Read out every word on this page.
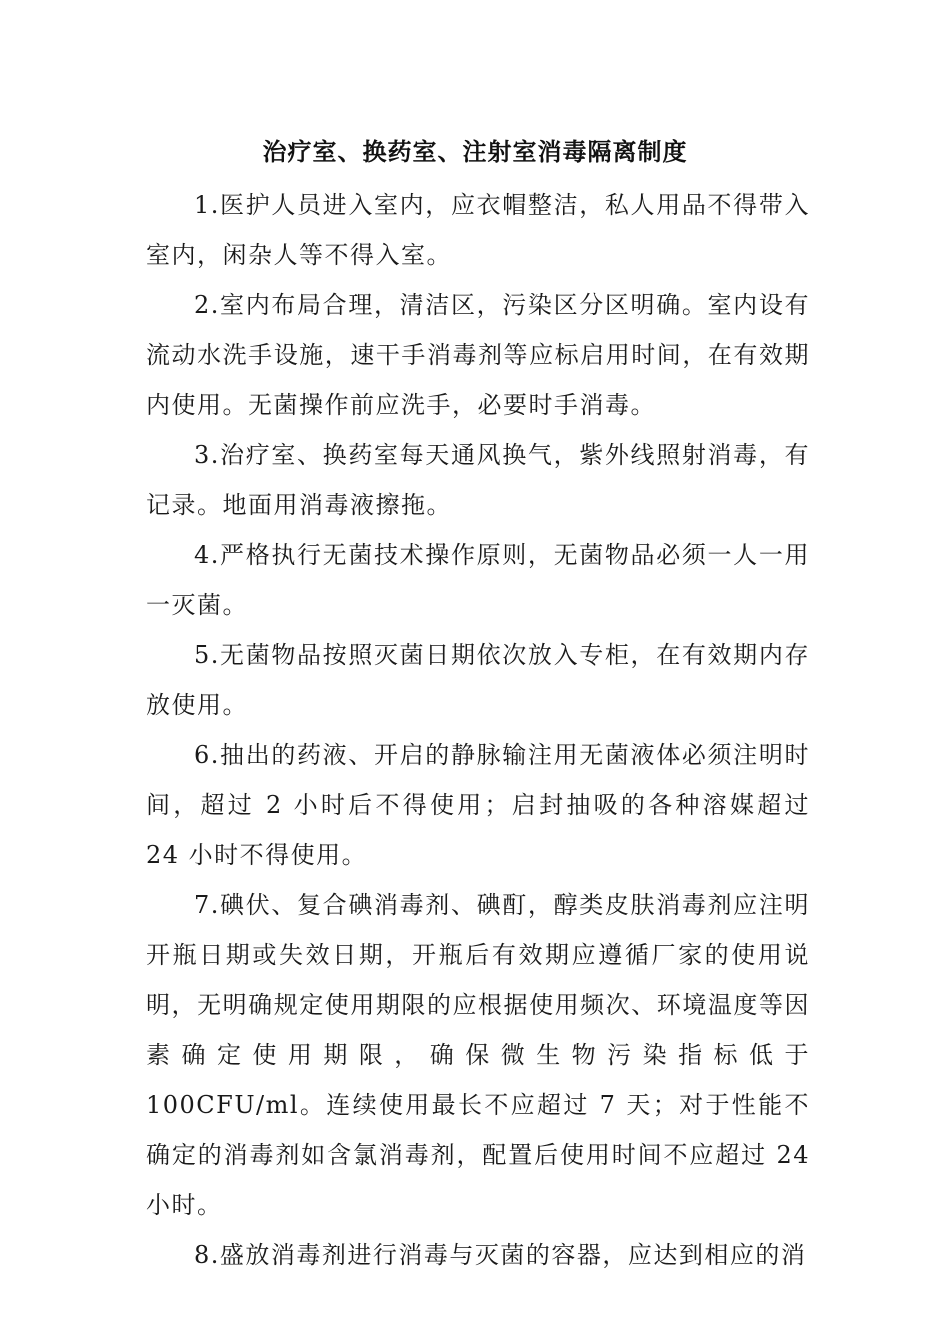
治疗室、换药室、注射室消毒隔离制度

1.医护人员进入室内，应衣帽整洁，私人用品不得带入室内，闲杂人等不得入室。

2.室内布局合理，清洁区，污染区分区明确。室内设有流动水洗手设施，速干手消毒剂等应标启用时间，在有效期内使用。无菌操作前应洗手，必要时手消毒。

3.治疗室、换药室每天通风换气，紫外线照射消毒，有记录。地面用消毒液擦拖。

4.严格执行无菌技术操作原则，无菌物品必须一人一用一灭菌。

5.无菌物品按照灭菌日期依次放入专柜，在有效期内存放使用。

6.抽出的药液、开启的静脉输注用无菌液体必须注明时间，超过 2 小时后不得使用；启封抽吸的各种溶媒超过 24 小时不得使用。

7.碘伏、复合碘消毒剂、碘酊，醇类皮肤消毒剂应注明开瓶日期或失效日期，开瓶后有效期应遵循厂家的使用说明，无明确规定使用期限的应根据使用频次、环境温度等因素确定使用期限，确保微生物污染指标低于 100CFU/ml。连续使用最长不应超过 7 天；对于性能不确定的消毒剂如含氯消毒剂，配置后使用时间不应超过 24 小时。

8.盛放消毒剂进行消毒与灭菌的容器，应达到相应的消
